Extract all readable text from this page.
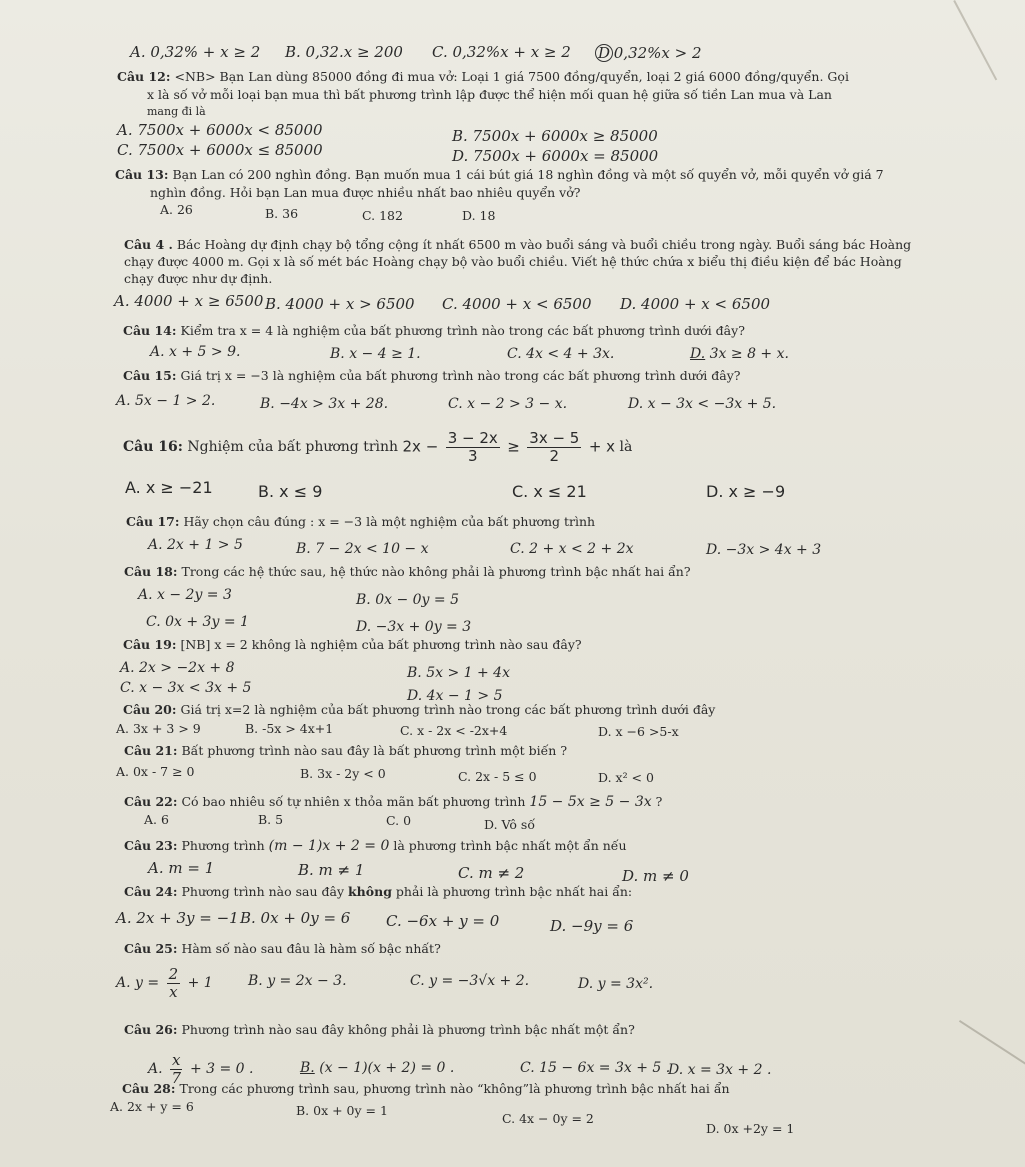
A. 0,32% + x ≥ 2 B. 0,32.x ≥ 200 C. 0,32%x + x ≥ 2 D 0,32%x > 2
Câu 12: <NB> Bạn Lan dùng 85000 đồng đi mua vở: Loại 1 giá 7500 đồng/quyển, loại 2 giá 6000 đồng/quyển. Gọi
x là số vở mỗi loại bạn mua thì bất phương trình lập được thể hiện mối quan hệ giữa số tiền Lan mua và Lan
mang đi là
A. 7500x + 6000x < 85000	B. 7500x + 6000x ≥ 85000
C. 7500x + 6000x ≤ 85000	D. 7500x + 6000x = 85000
Câu 13: Bạn Lan có 200 nghìn đồng. Bạn muốn mua 1 cái bút giá 18 nghìn đồng và một số quyển vở, mỗi quyển vở giá 7
nghìn đồng. Hỏi bạn Lan mua được nhiều nhất bao nhiêu quyển vở?
A. 26	B. 36	C. 182	D. 18
Câu 4 . Bác Hoàng dự định chạy bộ tổng cộng ít nhất 6500 m vào buổi sáng và buổi chiều trong ngày. Buổi sáng bác Hoàng
chạy được 4000 m. Gọi x là số mét bác Hoàng chạy bộ vào buổi chiều. Viết hệ thức chứa x biểu thị điều kiện để bác Hoàng
chạy được như dự định.
A. 4000 + x ≥ 6500 B. 4000 + x > 6500 C. 4000 + x < 6500 D. 4000 + x < 6500
Câu 14: Kiểm tra x = 4 là nghiệm của bất phương trình nào trong các bất phương trình dưới đây?
A. x + 5 > 9.	B. x − 4 ≥ 1.	C. 4x < 4 + 3x.	D. 3x ≥ 8 + x.
Câu 15: Giá trị x = −3 là nghiệm của bất phương trình nào trong các bất phương trình dưới đây?
A. 5x − 1 > 2.	B. −4x > 3x + 28.	C. x − 2 > 3 − x.	D. x − 3x < −3x + 5.
Câu 16: Nghiệm của bất phương trình $2x - \frac{3 - 2x}{3} \ge \frac{3x - 5}{2} + x$ là
A. x ≥ −21	B. x ≤ 9	C. x ≤ 21	D. x ≥ −9
Câu 17: Hãy chọn câu đúng : x = −3 là một nghiệm của bất phương trình
A. 2x + 1 > 5	B. 7 − 2x < 10 − x	C. 2 + x < 2 + 2x	D. −3x > 4x + 3
Câu 18: Trong các hệ thức sau, hệ thức nào không phải là phương trình bậc nhất hai ẩn?
A. x − 2y = 3	B. 0x − 0y = 5
C. 0x + 3y = 1	D. −3x + 0y = 3
Câu 19: [NB] x = 2 không là nghiệm của bất phương trình nào sau đây?
A. 2x > −2x + 8	B. 5x > 1 + 4x
C. x − 3x < 3x + 5	D. 4x − 1 > 5
Câu 20: Giá trị x=2 là nghiệm của bất phương trình nào trong các bất phương trình dưới đây
A. 3x + 3 > 9	B. -5x > 4x+1	C. x - 2x < -2x+4	D. x −6 >5-x
Câu 21: Bất phương trình nào sau đây là bất phương trình một biến ?
A. 0x - 7 ≥ 0	B. 3x - 2y < 0	C. 2x - 5 ≤ 0	D. x² < 0
Câu 22: Có bao nhiêu số tự nhiên x thỏa mãn bất phương trình 15 − 5x ≥ 5 − 3x ?
A. 6	B. 5	C. 0	D. Vô số
Câu 23: Phương trình (m − 1)x + 2 = 0 là phương trình bậc nhất một ẩn nếu
A. m = 1	B. m ≠ 1	C. m ≠ 2	D. m ≠ 0
Câu 24: Phương trình nào sau đây không phải là phương trình bậc nhất hai ẩn:
A. 2x + 3y = −1 B. 0x + 0y = 6 C. −6x + y = 0	D. −9y = 6
Câu 25: Hàm số nào sau đâu là hàm số bậc nhất?
A. $y = \frac{2}{x} + 1$	B. y = 2x − 3.	C. y = −3√x + 2.	D. y = 3x².
Câu 26: Phương trình nào sau đây không phải là phương trình bậc nhất một ẩn?
A. $\frac{x}{7} + 3 = 0$ .	B. (x − 1)(x + 2) = 0 .	C. 15 − 6x = 3x + 5 .
D. x = 3x + 2 .
Câu 28: Trong các phương trình sau, phương trình nào “không”là phương trình bậc nhất hai ẩn
A. 2x + y = 6	B. 0x + 0y = 1
C. 4x − 0y = 2
D. 0x +2y = 1
